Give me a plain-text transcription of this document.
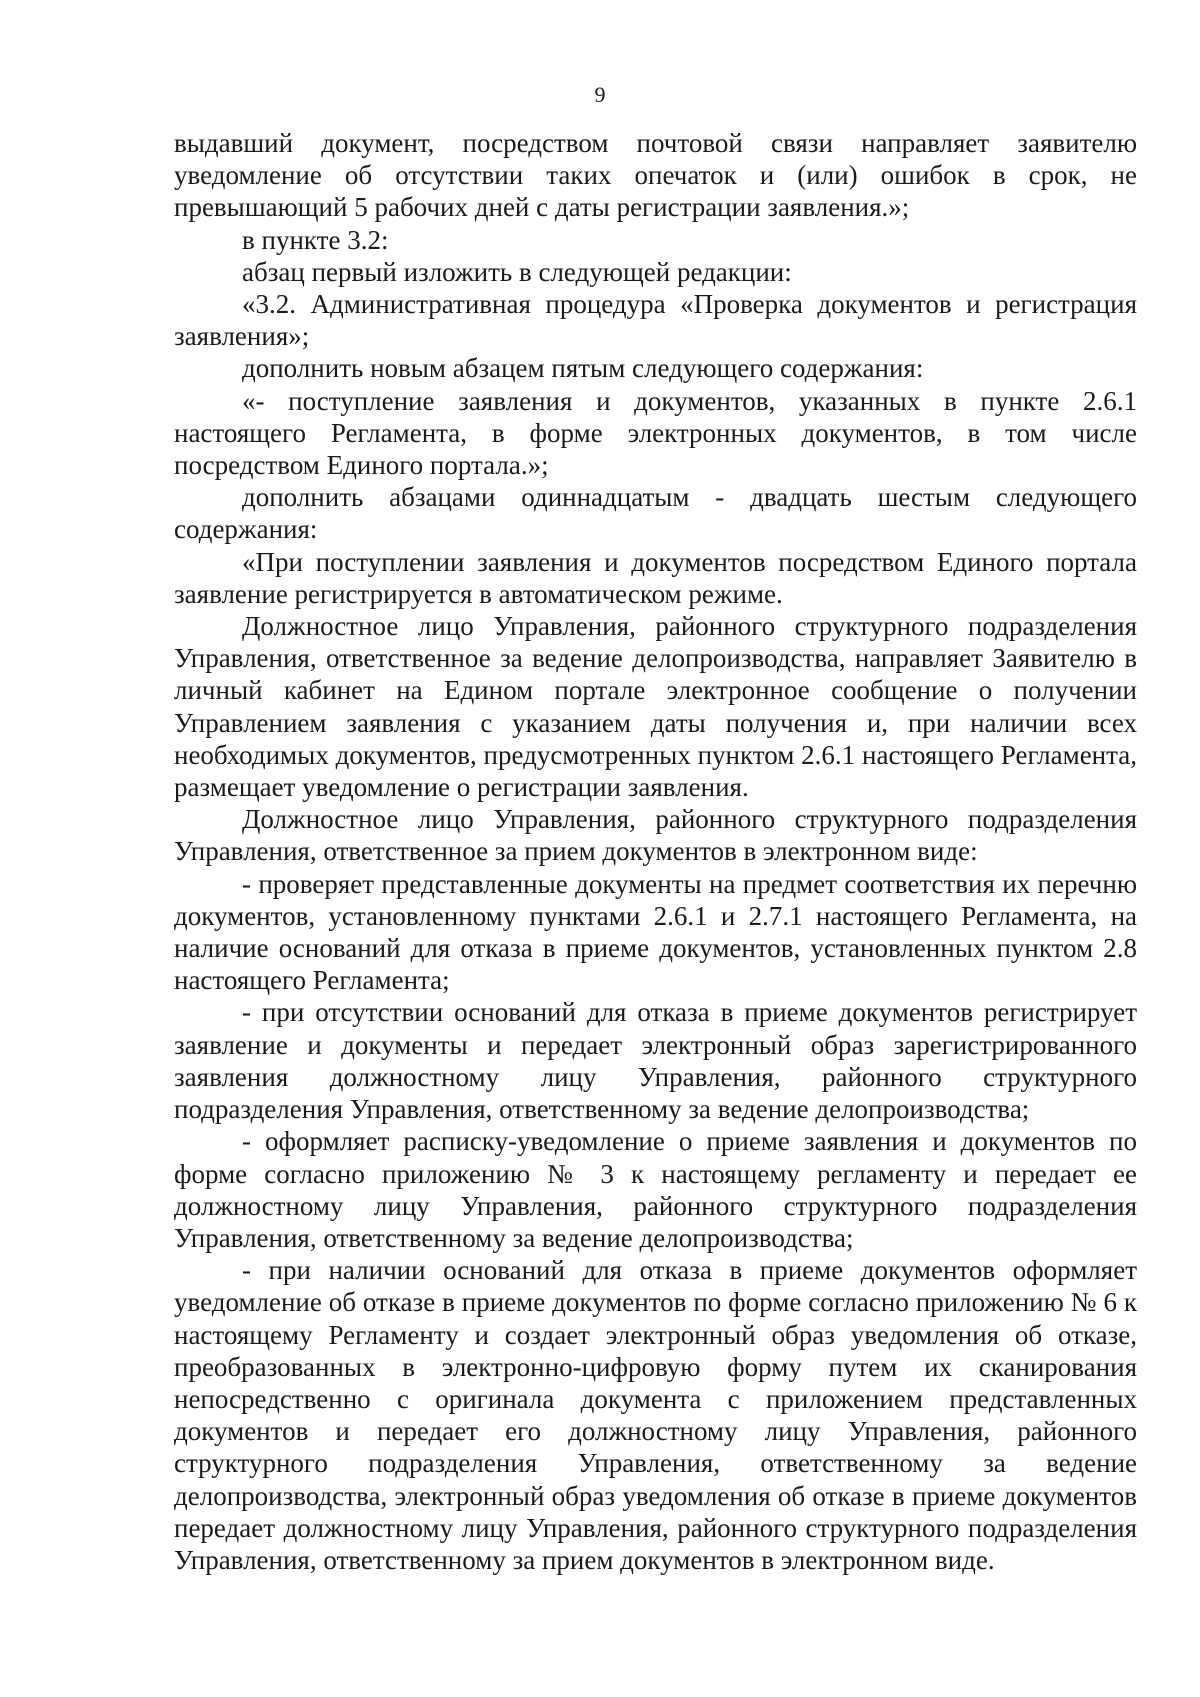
9

выдавший документ, посредством почтовой связи направляет заявителю уведомление об отсутствии таких опечаток и (или) ошибок в срок, не превышающий 5 рабочих дней с даты регистрации заявления.»;

в пункте 3.2:

абзац первый изложить в следующей редакции:

«3.2. Административная процедура «Проверка документов и регистрация заявления»;

дополнить новым абзацем пятым следующего содержания:

«- поступление заявления и документов, указанных в пункте 2.6.1 настоящего Регламента, в форме электронных документов, в том числе посредством Единого портала.»;

дополнить абзацами одиннадцатым - двадцать шестым следующего содержания:

«При поступлении заявления и документов посредством Единого портала заявление регистрируется в автоматическом режиме.

Должностное лицо Управления, районного структурного подразделения Управления, ответственное за ведение делопроизводства, направляет Заявителю в личный кабинет на Едином портале электронное сообщение о получении Управлением заявления с указанием даты получения и, при наличии всех необходимых документов, предусмотренных пунктом 2.6.1 настоящего Регламента, размещает уведомление о регистрации заявления.

Должностное лицо Управления, районного структурного подразделения Управления, ответственное за прием документов в электронном виде:

- проверяет представленные документы на предмет соответствия их перечню документов, установленному пунктами 2.6.1 и 2.7.1 настоящего Регламента, на наличие оснований для отказа в приеме документов, установленных пунктом 2.8 настоящего Регламента;

- при отсутствии оснований для отказа в приеме документов регистрирует заявление и документы и передает электронный образ зарегистрированного заявления должностному лицу Управления, районного структурного подразделения Управления, ответственному за ведение делопроизводства;

- оформляет расписку-уведомление о приеме заявления и документов по форме согласно приложению № 3 к настоящему регламенту и передает ее должностному лицу Управления, районного структурного подразделения Управления, ответственному за ведение делопроизводства;

- при наличии оснований для отказа в приеме документов оформляет уведомление об отказе в приеме документов по форме согласно приложению № 6 к настоящему Регламенту и создает электронный образ уведомления об отказе, преобразованных в электронно-цифровую форму путем их сканирования непосредственно с оригинала документа с приложением представленных документов и передает его должностному лицу Управления, районного структурного подразделения Управления, ответственному за ведение делопроизводства, электронный образ уведомления об отказе в приеме документов передает должностному лицу Управления, районного структурного подразделения Управления, ответственному за прием документов в электронном виде.
